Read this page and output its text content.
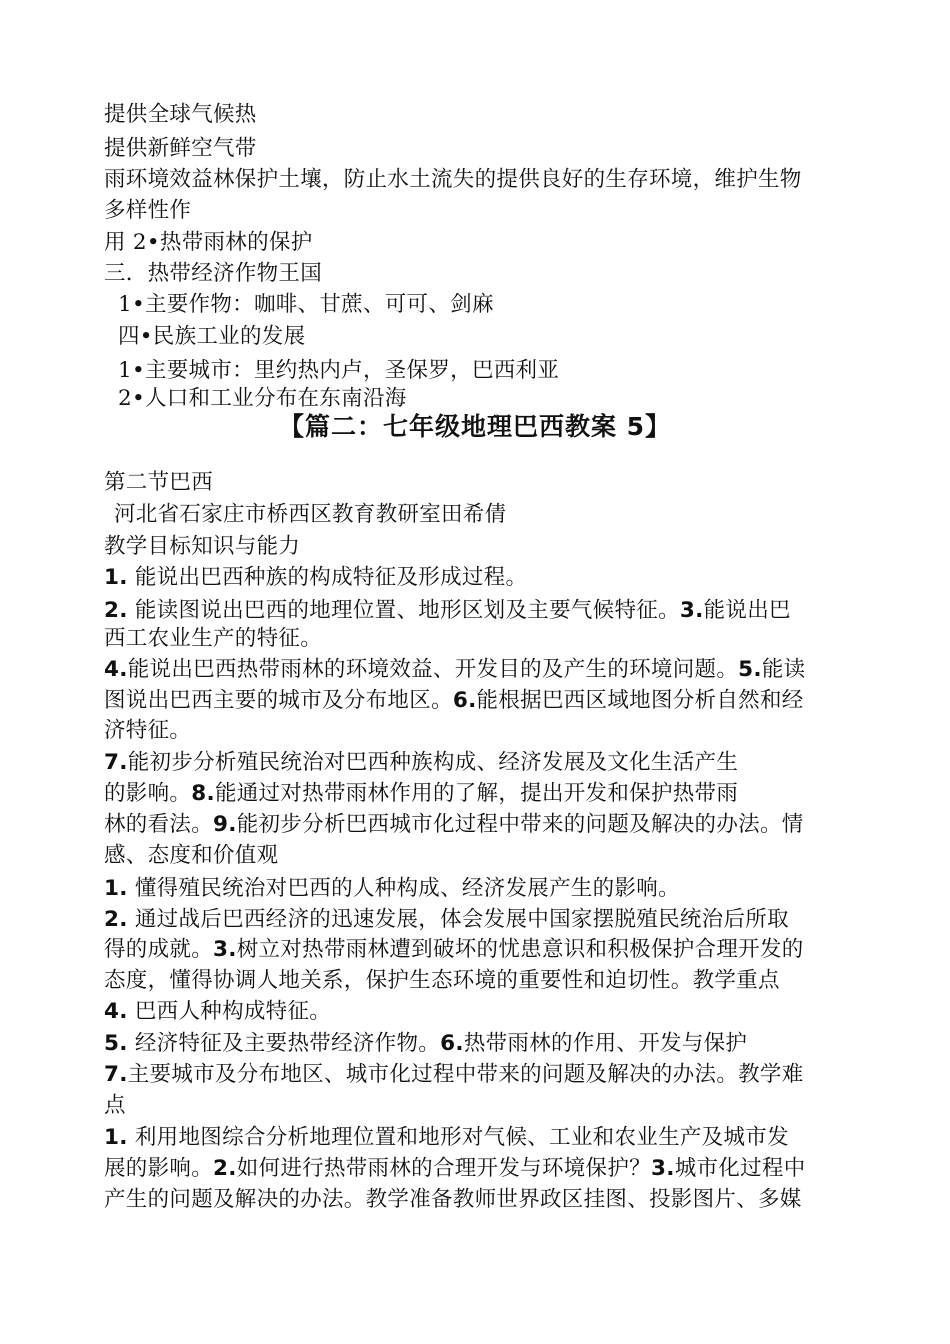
提供全球气候热
提供新鲜空气带
雨环境效益林保护土壤，防止水土流失的提供良好的生存环境，维护生物
多样性作
用 2•热带雨林的保护
三．热带经济作物王国
1•主要作物：咖啡、甘蔗、可可、剑麻
四•民族工业的发展
1•主要城市：里约热内卢，圣保罗，巴西利亚
2•人口和工业分布在东南沿海
【篇二：七年级地理巴西教案 5】
第二节巴西
河北省石家庄市桥西区教育教研室田希倩
教学目标知识与能力
1. 能说出巴西种族的构成特征及形成过程。
2. 能读图说出巴西的地理位置、地形区划及主要气候特征。3.能说出巴
西工农业生产的特征。
4.能说出巴西热带雨林的环境效益、开发目的及产生的环境问题。5.能读
图说出巴西主要的城市及分布地区。6.能根据巴西区域地图分析自然和经
济特征。
7.能初步分析殖民统治对巴西种族构成、经济发展及文化生活产生
的影响。8.能通过对热带雨林作用的了解，提出开发和保护热带雨
林的看法。9.能初步分析巴西城市化过程中带来的问题及解决的办法。情
感、态度和价值观
1. 懂得殖民统治对巴西的人种构成、经济发展产生的影响。
2. 通过战后巴西经济的迅速发展，体会发展中国家摆脱殖民统治后所取
得的成就。3.树立对热带雨林遭到破坏的忧患意识和积极保护合理开发的
态度，懂得协调人地关系，保护生态环境的重要性和迫切性。教学重点
4. 巴西人种构成特征。
5. 经济特征及主要热带经济作物。6.热带雨林的作用、开发与保护
7.主要城市及分布地区、城市化过程中带来的问题及解决的办法。教学难
点
1. 利用地图综合分析地理位置和地形对气候、工业和农业生产及城市发
展的影响。2.如何进行热带雨林的合理开发与环境保护？3.城市化过程中
产生的问题及解决的办法。教学准备教师世界政区挂图、投影图片、多媒
